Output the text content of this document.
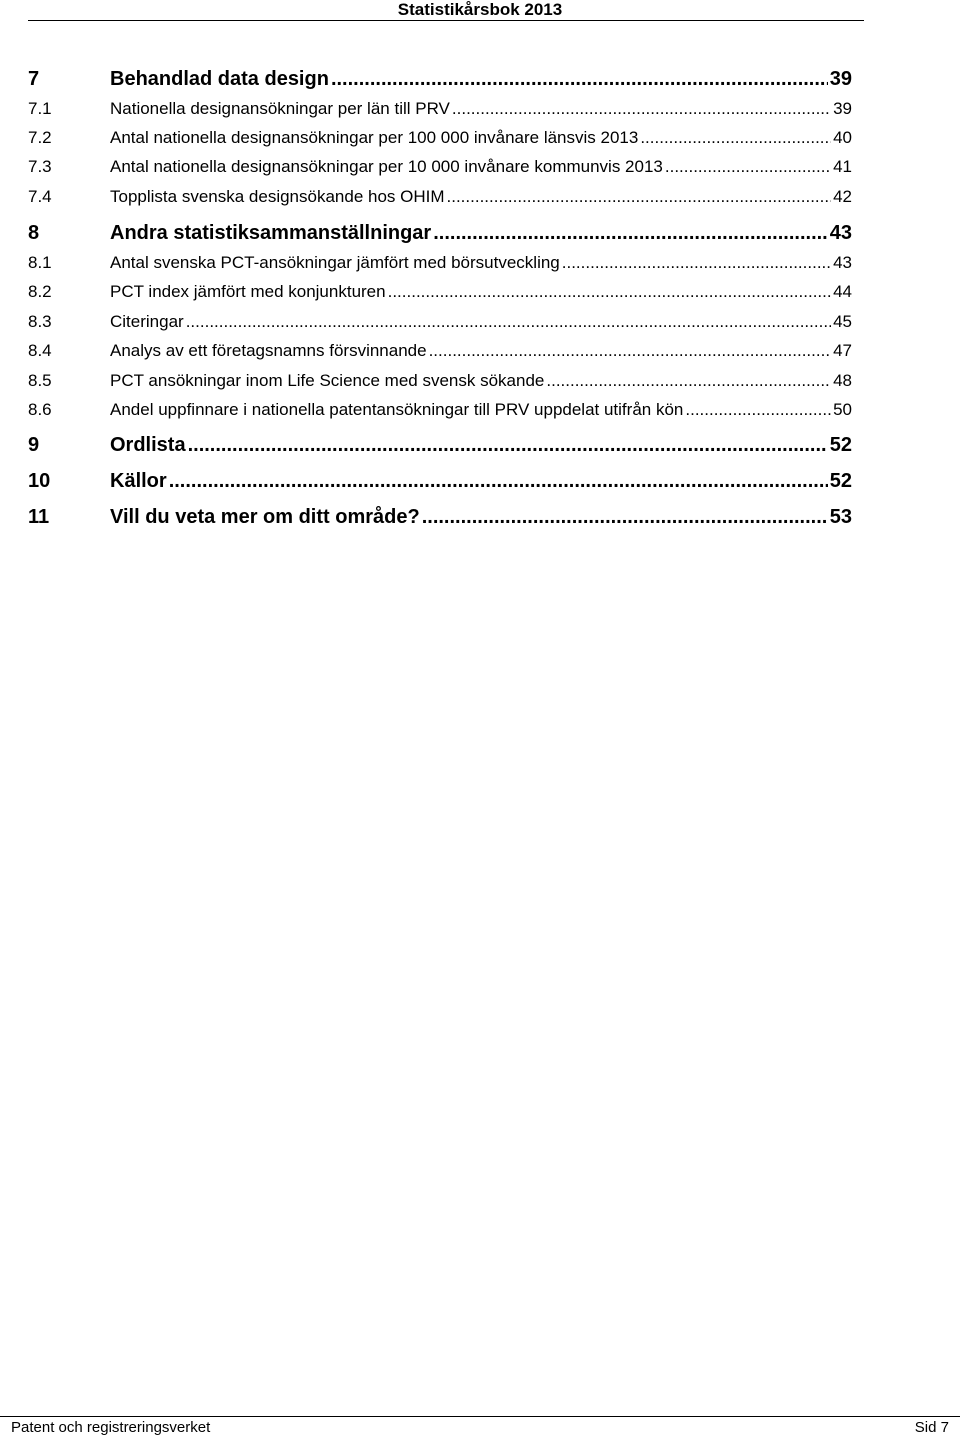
Statistikårsbok 2013
7	Behandlad data design .....	39
7.1	Nationella designansökningar per län till PRV .....	39
7.2	Antal nationella designansökningar per 100 000 invånare länsvis 2013 .....	40
7.3	Antal nationella designansökningar per 10 000 invånare kommunvis 2013 .....	41
7.4	Topplista svenska designsökande hos OHIM .....	42
8	Andra statistiksammanställningar .....	43
8.1	Antal svenska PCT-ansökningar jämfört med börsutveckling .....	43
8.2	PCT index jämfört med konjunkturen .....	44
8.3	Citeringar .....	45
8.4	Analys av ett företagsnamns försvinnande .....	47
8.5	PCT ansökningar inom Life Science med svensk sökande .....	48
8.6	Andel uppfinnare i nationella patentansökningar till PRV uppdelat utifrån kön .....	50
9	Ordlista .....	52
10	Källor .....	52
11	Vill du veta mer om ditt område? .....	53
Patent och registreringsverket	Sid 7
